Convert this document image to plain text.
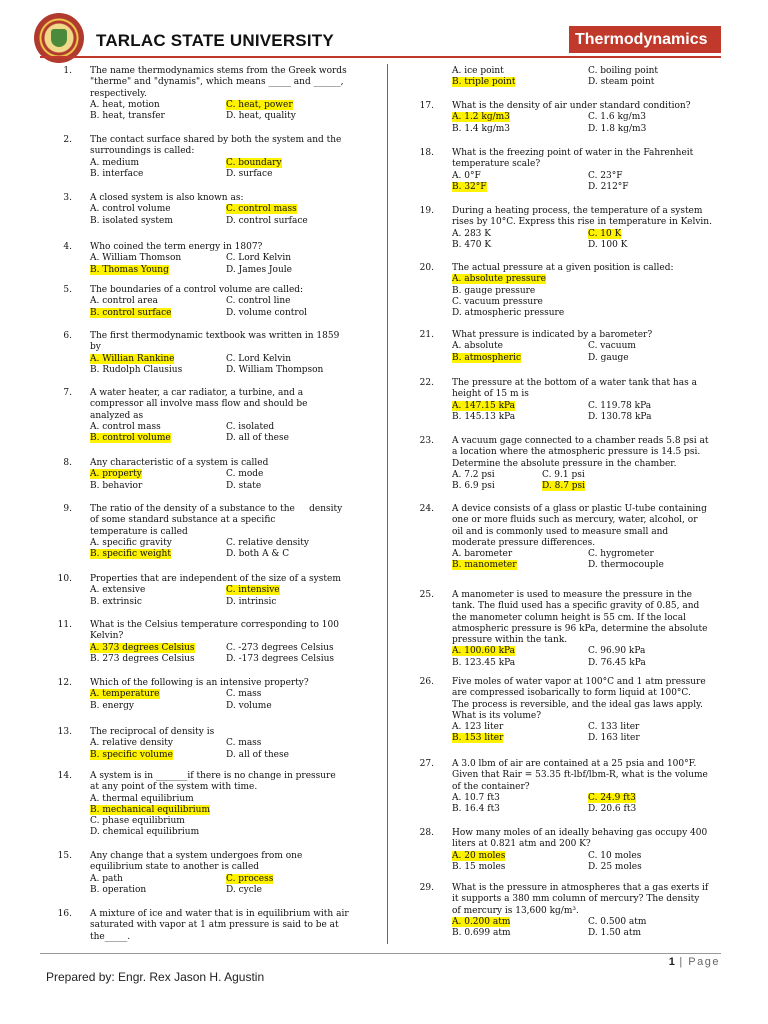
TARLAC STATE UNIVERSITY	Thermodynamics
1. The name thermodynamics stems from the Greek words
"therme" and "dynamis", which means _____ and ______,
respectively.
A. heat, motion	C. heat, power
B. heat, transfer	D. heat, quality
2. The contact surface shared by both the system and the
surroundings is called:
A. medium	C. boundary
B. interface	D. surface
3. A closed system is also known as:
A. control volume	C. control mass
B. isolated system	D. control surface
4. Who coined the term energy in 1807?
A. William Thomson	C. Lord Kelvin
B. Thomas Young	D. James Joule
5. The boundaries of a control volume are called:
A. control area	C. control line
B. control surface	D. volume control
6. The first thermodynamic textbook was written in 1859
by
A. Willian Rankine	C. Lord Kelvin
B. Rudolph Clausius	D. William Thompson
7. A water heater, a car radiator, a turbine, and a
compressor all involve mass flow and should be
analyzed as
A. control mass	C. isolated
B. control volume	D. all of these
8. Any characteristic of a system is called
A. property	C. mode
B. behavior	D. state
9. The ratio of the density of a substance to the     density
of some standard substance at a specific
temperature is called
A. specific gravity	C. relative density
B. specific weight	D. both A & C
10. Properties that are independent of the size of a system
A. extensive	C. intensive
B. extrinsic	D. intrinsic
11. What is the Celsius temperature corresponding to 100
Kelvin?
A. 373 degrees Celsius	C. -273 degrees Celsius
B. 273 degrees Celsius	D. -173 degrees Celsius
12. Which of the following is an intensive property?
A. temperature	C. mass
B. energy	D. volume
13. The reciprocal of density is
A. relative density	C. mass
B. specific volume	D. all of these
14. A system is in _______if there is no change in pressure
at any point of the system with time.
A. thermal equilibrium
B. mechanical equilibrium
C. phase equilibrium
D. chemical equilibrium
15. Any change that a system undergoes from one
equilibrium state to another is called
A. path	C. process
B. operation	D. cycle
16. A mixture of ice and water that is in equilibrium with air
saturated with vapor at 1 atm pressure is said to be at
the_____.
A. ice point	C. boiling point
B. triple point	D. steam point
17. What is the density of air under standard condition?
A. 1.2 kg/m3	C. 1.6 kg/m3
B. 1.4 kg/m3	D. 1.8 kg/m3
18. What is the freezing point of water in the Fahrenheit
temperature scale?
A. 0°F	C. 23°F
B. 32°F	D. 212°F
19. During a heating process, the temperature of a system
rises by 10°C. Express this rise in temperature in Kelvin.
A. 283 K	C. 10 K
B. 470 K	D. 100 K
20. The actual pressure at a given position is called:
A. absolute pressure
B. gauge pressure
C. vacuum pressure
D. atmospheric pressure
21. What pressure is indicated by a barometer?
A. absolute	C. vacuum
B. atmospheric	D. gauge
22. The pressure at the bottom of a water tank that has a
height of 15 m is
A. 147.15 kPa	C. 119.78 kPa
B. 145.13 kPa	D. 130.78 kPa
23. A vacuum gage connected to a chamber reads 5.8 psi at
a location where the atmospheric pressure is 14.5 psi.
Determine the absolute pressure in the chamber.
A. 7.2 psi	C. 9.1 psi
B. 6.9 psi	D. 8.7 psi
24. A device consists of a glass or plastic U-tube containing
one or more fluids such as mercury, water, alcohol, or
oil and is commonly used to measure small and
moderate pressure differences.
A. barometer	C. hygrometer
B. manometer	D. thermocouple
25. A manometer is used to measure the pressure in the
tank. The fluid used has a specific gravity of 0.85, and
the manometer column height is 55 cm. If the local
atmospheric pressure is 96 kPa, determine the absolute
pressure within the tank.
A. 100.60 kPa	C. 96.90 kPa
B. 123.45 kPa	D. 76.45 kPa
26. Five moles of water vapor at 100°C and 1 atm pressure
are compressed isobarically to form liquid at 100°C.
The process is reversible, and the ideal gas laws apply.
What is its volume?
A. 123 liter	C. 133 liter
B. 153 liter	D. 163 liter
27. A 3.0 lbm of air are contained at a 25 psia and 100°F.
Given that Rair = 53.35 ft-lbf/lbm-R, what is the volume
of the container?
A. 10.7 ft3	C. 24.9 ft3
B. 16.4 ft3	D. 20.6 ft3
28. How many moles of an ideally behaving gas occupy 400
liters at 0.821 atm and 200 K?
A. 20 moles	C. 10 moles
B. 15 moles	D. 25 moles
29. What is the pressure in atmospheres that a gas exerts if
it supports a 380 mm column of mercury? The density
of mercury is 13,600 kg/m³.
A. 0.200 atm	C. 0.500 atm
B. 0.699 atm	D. 1.50 atm
1 | Page
Prepared by: Engr. Rex Jason H. Agustin
